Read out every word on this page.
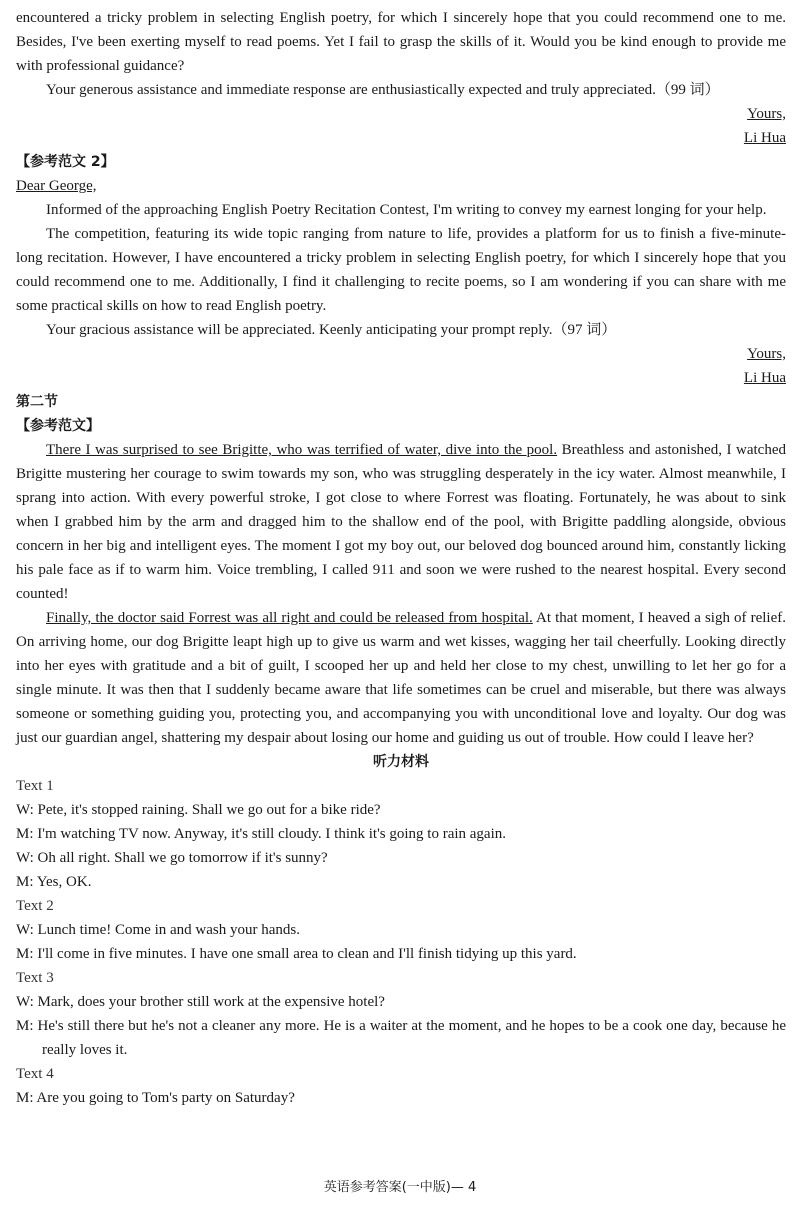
encountered a tricky problem in selecting English poetry, for which I sincerely hope that you could recommend one to me. Besides, I've been exerting myself to read poems. Yet I fail to grasp the skills of it. Would you be kind enough to provide me with professional guidance?

Your generous assistance and immediate response are enthusiastically expected and truly appreciated.（99 词）

Yours,
Li Hua
【参考范文 2】
Dear George,

Informed of the approaching English Poetry Recitation Contest, I'm writing to convey my earnest longing for your help.

The competition, featuring its wide topic ranging from nature to life, provides a platform for us to finish a five-minute-long recitation. However, I have encountered a tricky problem in selecting English poetry, for which I sincerely hope that you could recommend one to me. Additionally, I find it challenging to recite poems, so I am wondering if you can share with me some practical skills on how to read English poetry.

Your gracious assistance will be appreciated. Keenly anticipating your prompt reply.（97 词）

Yours,
Li Hua
第二节
【参考范文】

There I was surprised to see Brigitte, who was terrified of water, dive into the pool. Breathless and astonished, I watched Brigitte mustering her courage to swim towards my son, who was struggling desperately in the icy water. Almost meanwhile, I sprang into action. With every powerful stroke, I got close to where Forrest was floating. Fortunately, he was about to sink when I grabbed him by the arm and dragged him to the shallow end of the pool, with Brigitte paddling alongside, obvious concern in her big and intelligent eyes. The moment I got my boy out, our beloved dog bounced around him, constantly licking his pale face as if to warm him. Voice trembling, I called 911 and soon we were rushed to the nearest hospital. Every second counted!

Finally, the doctor said Forrest was all right and could be released from hospital. At that moment, I heaved a sigh of relief. On arriving home, our dog Brigitte leapt high up to give us warm and wet kisses, wagging her tail cheerfully. Looking directly into her eyes with gratitude and a bit of guilt, I scooped her up and held her close to my chest, unwilling to let her go for a single minute. It was then that I suddenly became aware that life sometimes can be cruel and miserable, but there was always someone or something guiding you, protecting you, and accompanying you with unconditional love and loyalty. Our dog was just our guardian angel, shattering my despair about losing our home and guiding us out of trouble. How could I leave her?

听力材料
Text 1
W: Pete, it's stopped raining. Shall we go out for a bike ride?
M: I'm watching TV now. Anyway, it's still cloudy. I think it's going to rain again.
W: Oh all right. Shall we go tomorrow if it's sunny?
M: Yes, OK.
Text 2
W: Lunch time! Come in and wash your hands.
M: I'll come in five minutes. I have one small area to clean and I'll finish tidying up this yard.
Text 3
W: Mark, does your brother still work at the expensive hotel?
M: He's still there but he's not a cleaner any more. He is a waiter at the moment, and he hopes to be a cook one day, because he really loves it.
Text 4
M: Are you going to Tom's party on Saturday?
英语参考答案(一中版)— 4
